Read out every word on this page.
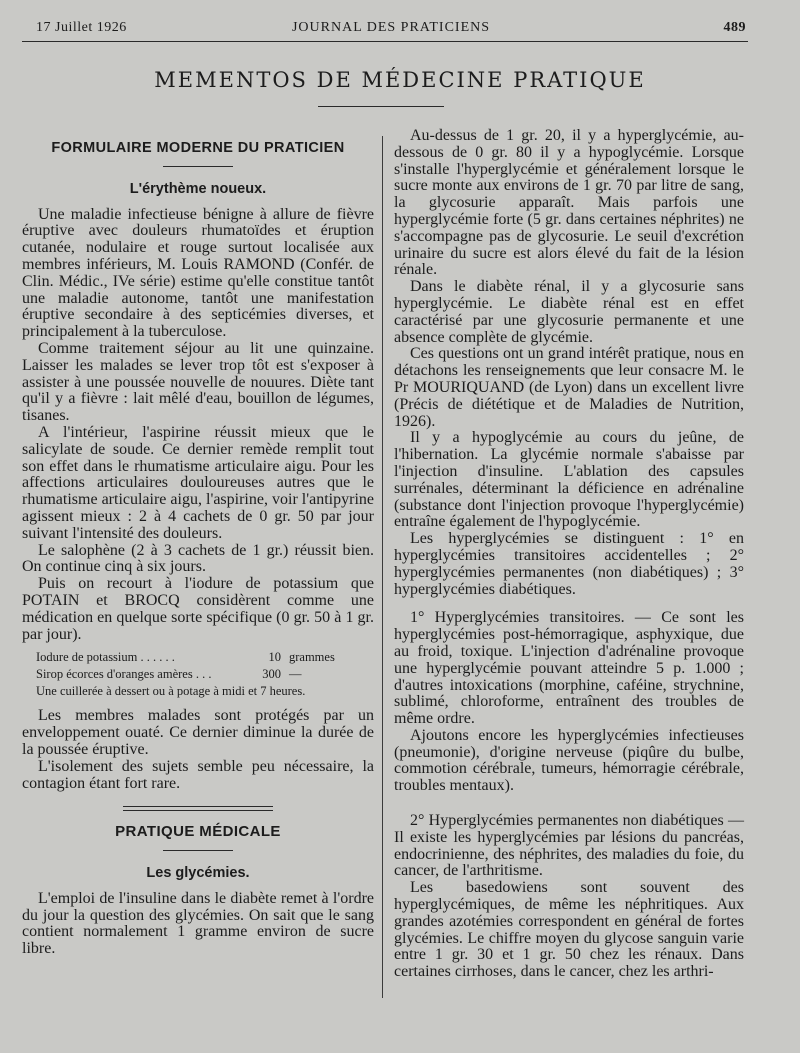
17 Juillet 1926	JOURNAL DES PRATICIENS	489
MEMENTOS DE MÉDECINE PRATIQUE
FORMULAIRE MODERNE DU PRATICIEN
L'érythème noueux.

Une maladie infectieuse bénigne à allure de fièvre éruptive avec douleurs rhumatoïdes et éruption cutanée, nodulaire et rouge surtout localisée aux membres inférieurs, M. Louis RAMOND (Confér. de Clin. Médic., IVe série) estime qu'elle constitue tantôt une maladie autonome, tantôt une manifestation éruptive secondaire à des septicémies diverses, et principalement à la tuberculose.

Comme traitement séjour au lit une quinzaine. Laisser les malades se lever trop tôt est s'exposer à assister à une poussée nouvelle de nouures. Diète tant qu'il y a fièvre : lait mêlé d'eau, bouillon de légumes, tisanes.

A l'intérieur, l'aspirine réussit mieux que le salicylate de soude. Ce dernier remède remplit tout son effet dans le rhumatisme articulaire aigu. Pour les affections articulaires douloureuses autres que le rhumatisme articulaire aigu, l'aspirine, voir l'antipyrine agissent mieux : 2 à 4 cachets de 0 gr. 50 par jour suivant l'intensité des douleurs.

Le salophène (2 à 3 cachets de 1 gr.) réussit bien. On continue cinq à six jours.

Puis on recourt à l'iodure de potassium que POTAIN et BROCQ considèrent comme une médication en quelque sorte spécifique (0 gr. 50 à 1 gr. par jour).

Iodure de potassium . . . . . .	10 grammes
Sirop écorces d'oranges amères . . .	300 —
Une cuillerée à dessert ou à potage à midi et 7 heures.

Les membres malades sont protégés par un enveloppement ouaté. Ce dernier diminue la durée de la poussée éruptive.

L'isolement des sujets semble peu nécessaire, la contagion étant fort rare.

PRATIQUE MÉDICALE
Les glycémies.

L'emploi de l'insuline dans le diabète remet à l'ordre du jour la question des glycémies. On sait que le sang contient normalement 1 gramme environ de sucre libre.

Au-dessus de 1 gr. 20, il y a hyperglycémie, au-dessous de 0 gr. 80 il y a hypoglycémie. Lorsque s'installe l'hyperglycémie et généralement lorsque le sucre monte aux environs de 1 gr. 70 par litre de sang, la glycosurie apparaît. Mais parfois une hyperglycémie forte (5 gr. dans certaines néphrites) ne s'accompagne pas de glycosurie. Le seuil d'excrétion urinaire du sucre est alors élevé du fait de la lésion rénale.

Dans le diabète rénal, il y a glycosurie sans hyperglycémie. Le diabète rénal est en effet caractérisé par une glycosurie permanente et une absence complète de glycémie.

Ces questions ont un grand intérêt pratique, nous en détachons les renseignements que leur consacre M. le Pr MOURIQUAND (de Lyon) dans un excellent livre (Précis de diététique et de Maladies de Nutrition, 1926).

Il y a hypoglycémie au cours du jeûne, de l'hibernation. La glycémie normale s'abaisse par l'injection d'insuline. L'ablation des capsules surrénales, déterminant la déficience en adrénaline (substance dont l'injection provoque l'hyperglycémie) entraîne également de l'hypoglycémie.

Les hyperglycémies se distinguent : 1° en hyperglycémies transitoires accidentelles ; 2° hyperglycémies permanentes (non diabétiques) ; 3° hyperglycémies diabétiques.

1° Hyperglycémies transitoires. — Ce sont les hyperglycémies post-hémorragique, asphyxique, due au froid, toxique. L'injection d'adrénaline provoque une hyperglycémie pouvant atteindre 5 p. 1.000 ; d'autres intoxications (morphine, caféine, strychnine, sublimé, chloroforme, entraînent des troubles de même ordre.

Ajoutons encore les hyperglycémies infectieuses (pneumonie), d'origine nerveuse (piqûre du bulbe, commotion cérébrale, tumeurs, hémorragie cérébrale, troubles mentaux).

2° Hyperglycémies permanentes non diabétiques — Il existe les hyperglycémies par lésions du pancréas, endocrinienne, des néphrites, des maladies du foie, du cancer, de l'arthritisme.

Les basedowiens sont souvent des hyperglycémiques, de même les néphritiques. Aux grandes azotémies correspondent en général de fortes glycémies. Le chiffre moyen du glycose sanguin varie entre 1 gr. 30 et 1 gr. 50 chez les rénaux. Dans certaines cirrhoses, dans le cancer, chez les arthri-
